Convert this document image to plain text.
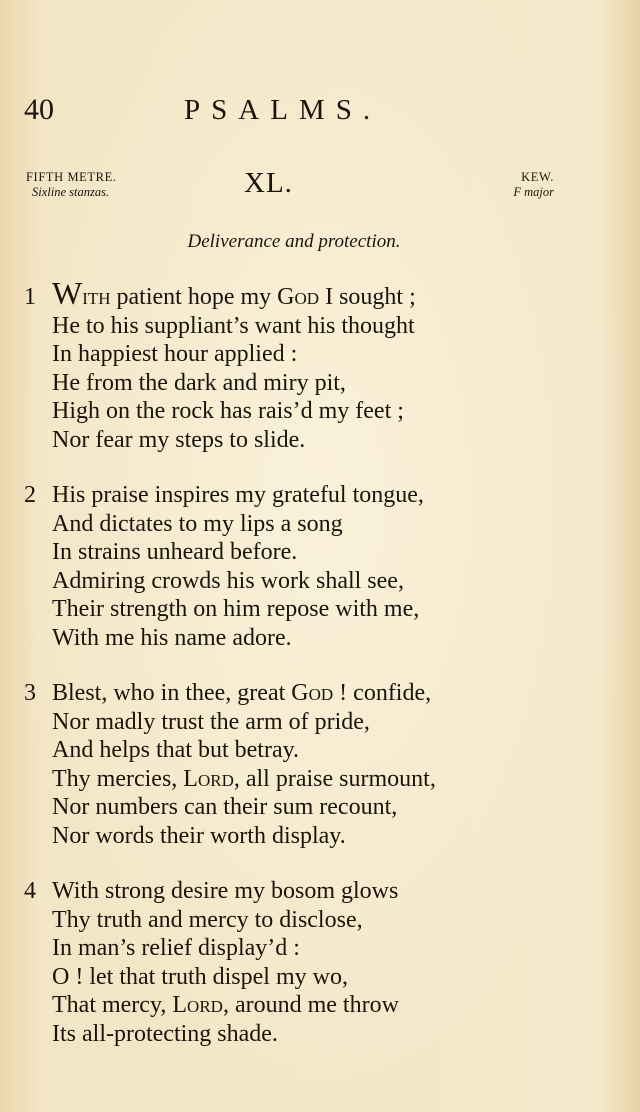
40	PSALMS.
FIFTH METRE.
Sixline stanzas.	XL.	KEW.
F major
Deliverance and protection.
1 With patient hope my God I sought ;
He to his suppliant’s want his thought
In happiest hour applied :
He from the dark and miry pit,
High on the rock has rais’d my feet ;
Nor fear my steps to slide.
2 His praise inspires my grateful tongue,
And dictates to my lips a song
In strains unheard before.
Admiring crowds his work shall see,
Their strength on him repose with me,
With me his name adore.
3 Blest, who in thee, great God ! confide,
Nor madly trust the arm of pride,
And helps that but betray.
Thy mercies, Lord, all praise surmount,
Nor numbers can their sum recount,
Nor words their worth display.
4 With strong desire my bosom glows
Thy truth and mercy to disclose,
In man’s relief display’d :
O ! let that truth dispel my wo,
That mercy, Lord, around me throw
Its all-protecting shade.
